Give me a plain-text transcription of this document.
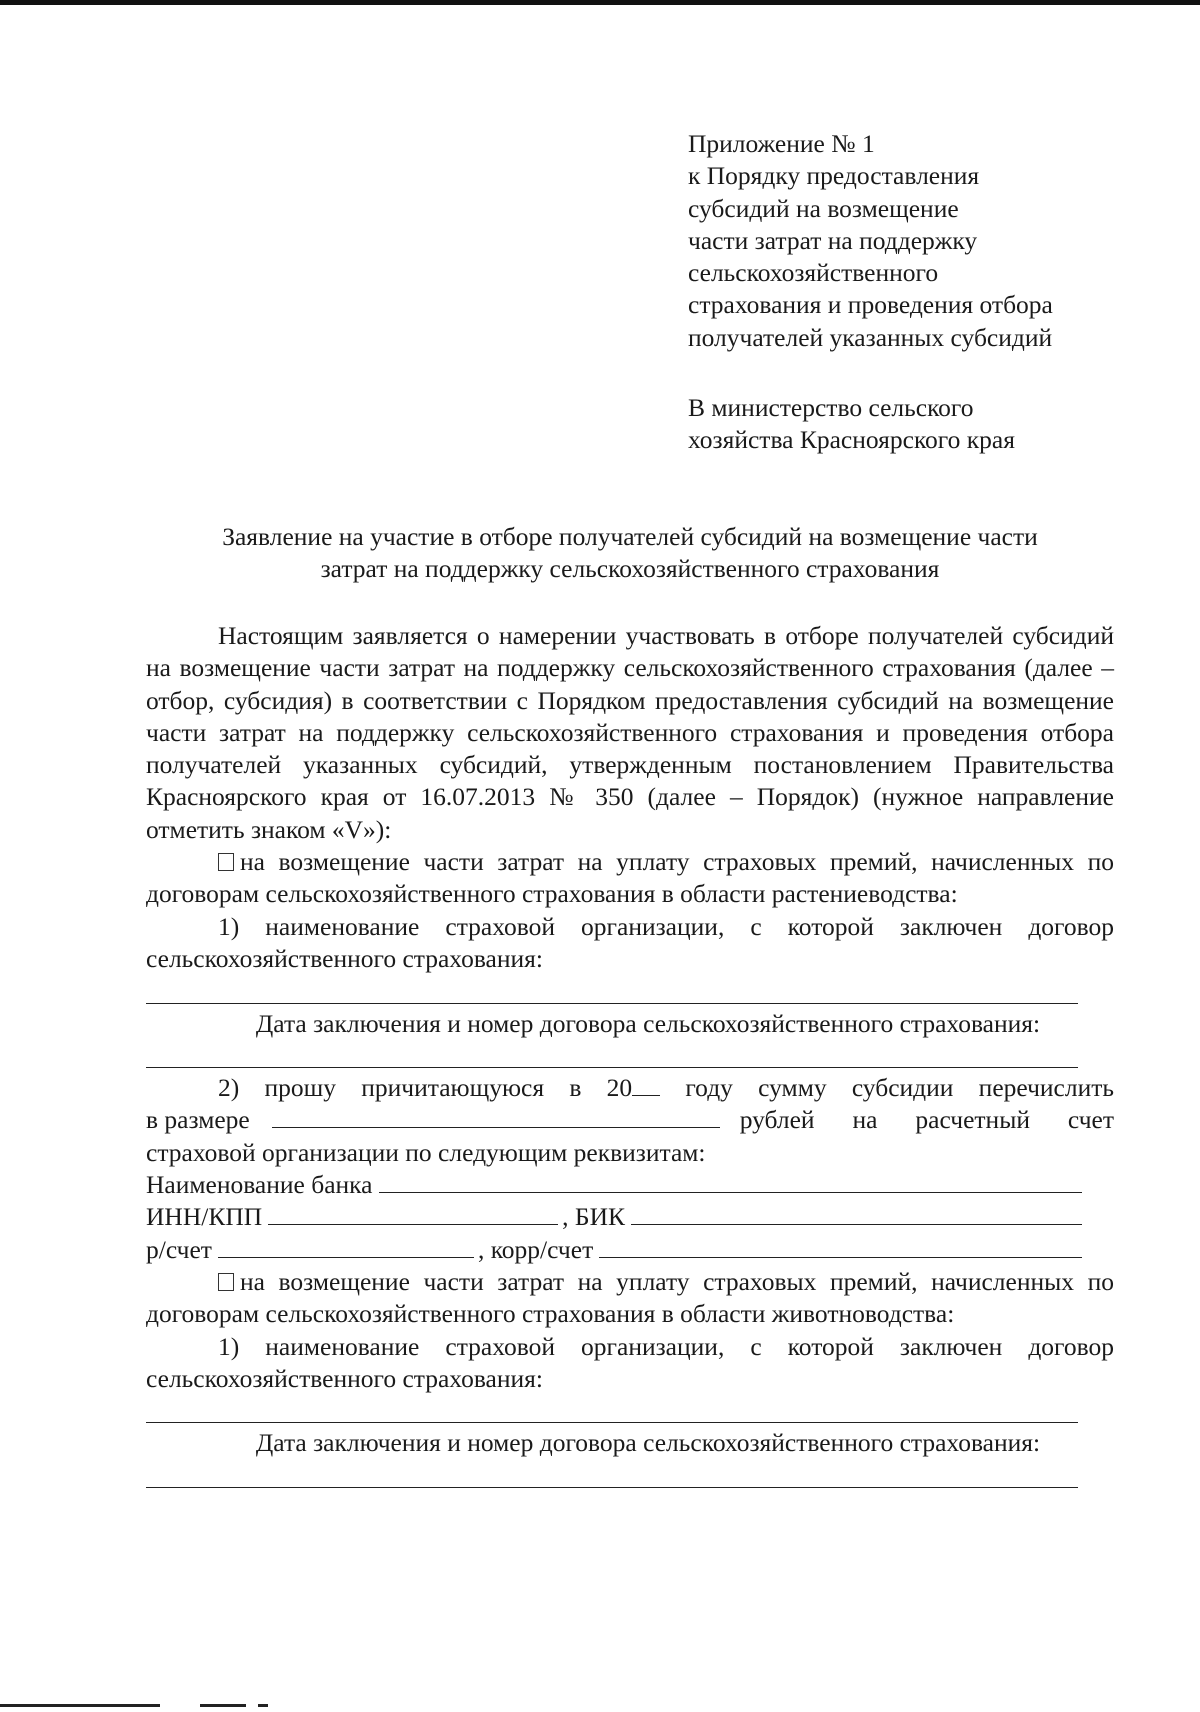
Приложение № 1
к Порядку предоставления
субсидий на возмещение
части затрат на поддержку
сельскохозяйственного
страхования и проведения отбора
получателей указанных субсидий
В министерство сельского
хозяйства Красноярского края
Заявление на участие в отборе получателей субсидий на возмещение части
затрат на поддержку сельскохозяйственного страхования

Настоящим заявляется о намерении участвовать в отборе получателей субсидий на возмещение части затрат на поддержку сельскохозяйственного страхования (далее – отбор, субсидия) в соответствии с Порядком предоставления субсидий на возмещение части затрат на поддержку сельскохозяйственного страхования и проведения отбора получателей указанных субсидий, утвержденным постановлением Правительства Красноярского края от 16.07.2013 № 350 (далее – Порядок) (нужное направление отметить знаком «V»):

на возмещение части затрат на уплату страховых премий, начисленных по договорам сельскохозяйственного страхования в области растениеводства:

1) наименование страховой организации, с которой заключен договор сельскохозяйственного страхования:

Дата заключения и номер договора сельскохозяйственного страхования:
2) прошу причитающуюся в 20 году сумму субсидии перечислить
в размере	рублей на расчетный счет
страховой организации по следующим реквизитам:
Наименование банка
ИНН/КПП	, БИК
р/счет	, корр/счет

на возмещение части затрат на уплату страховых премий, начисленных по договорам сельскохозяйственного страхования в области животноводства:

1) наименование страховой организации, с которой заключен договор сельскохозяйственного страхования:

Дата заключения и номер договора сельскохозяйственного страхования:
